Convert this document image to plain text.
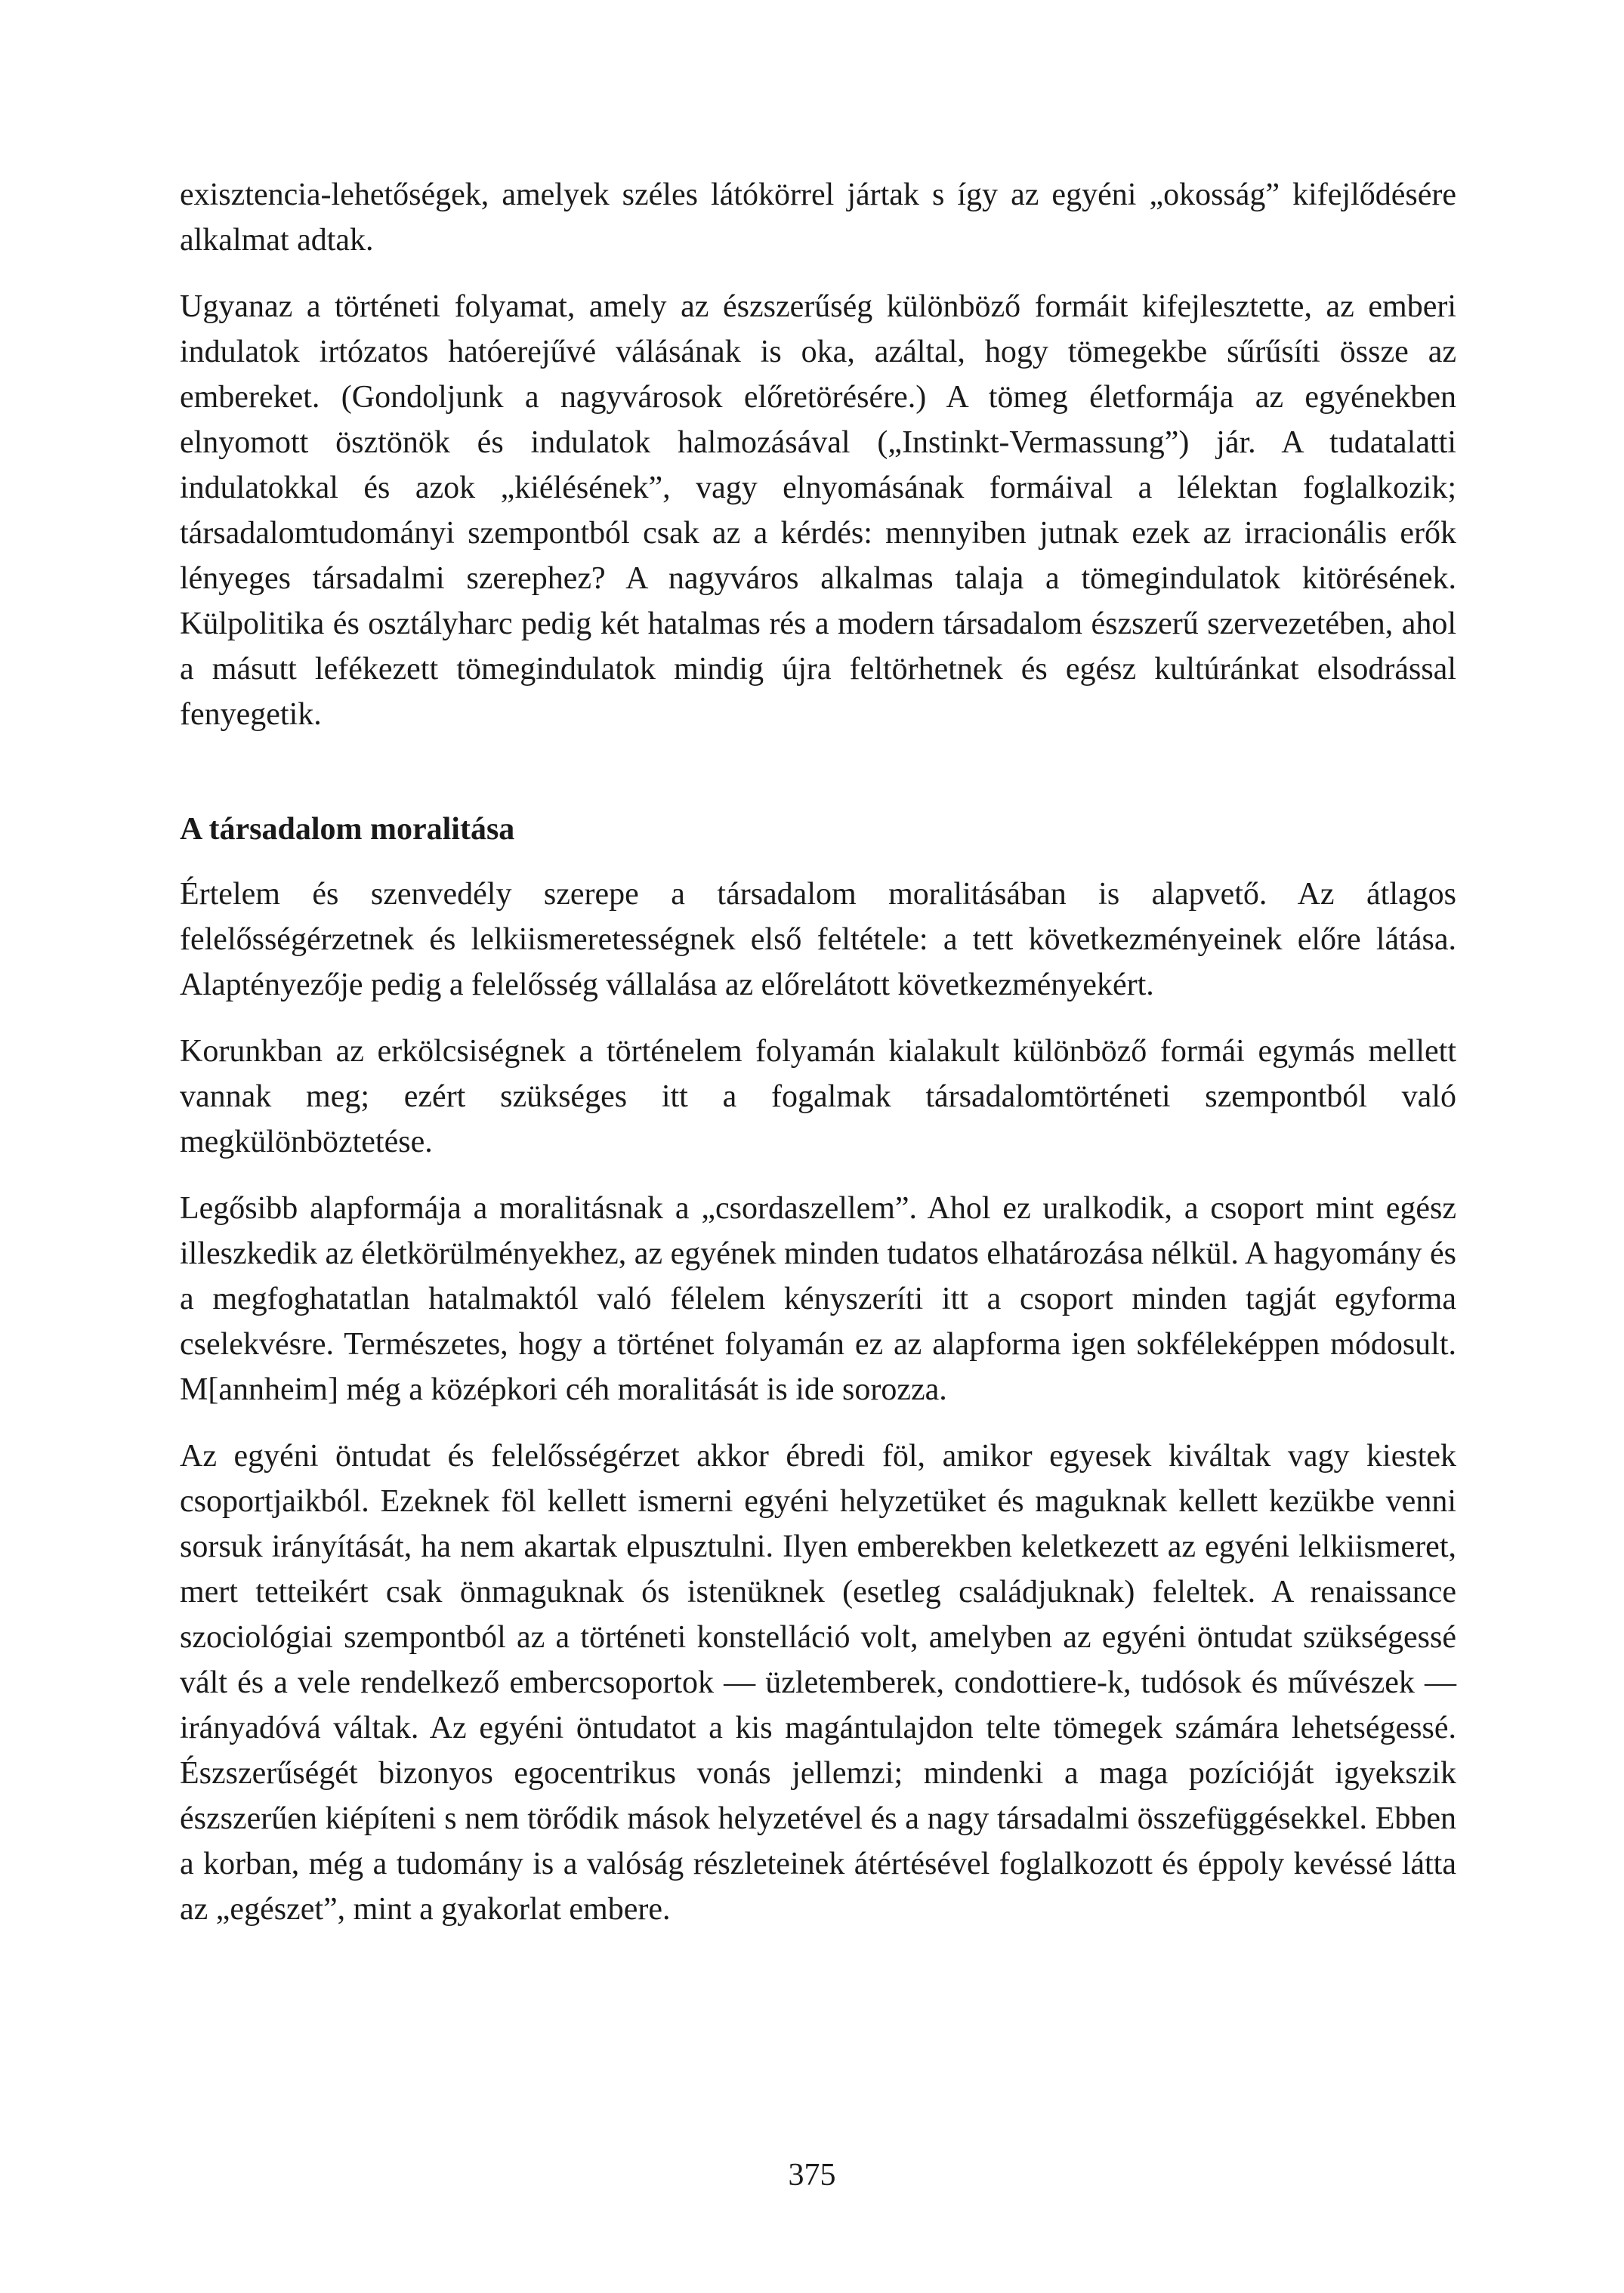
exisztencia-lehetőségek, amelyek széles látókörrel jártak s így az egyéni „okosság” kifejlődésére alkalmat adtak.

Ugyanaz a történeti folyamat, amely az észszerűség különböző formáit kifejlesztette, az emberi indulatok irtózatos hatóerejűvé válásának is oka, azáltal, hogy tömegekbe sűrűsíti össze az embereket. (Gondoljunk a nagyvárosok előretörésére.) A tömeg életformája az egyénekben elnyomott ösztönök és indulatok halmozásával („Instinkt-Vermassung”) jár. A tudatalatti indulatokkal és azok „kiélésének”, vagy elnyomásának formáival a lélektan foglalkozik; társadalomtudományi szempontból csak az a kérdés: mennyiben jutnak ezek az irracionális erők lényeges társadalmi szerephez? A nagyváros alkalmas talaja a tömegindulatok kitörésének. Külpolitika és osztályharc pedig két hatalmas rés a modern társadalom észszerű szervezetében, ahol a másutt lefékezett tömegindulatok mindig újra feltörhetnek és egész kultúránkat elsodrással fenyegetik.

A társadalom moralitása

Értelem és szenvedély szerepe a társadalom moralitásában is alapvető. Az átlagos felelősségérzetnek és lelkiismeretességnek első feltétele: a tett következményeinek előre látása. Alaptényezője pedig a felelősség vállalása az előrelátott következményekért.

Korunkban az erkölcsiségnek a történelem folyamán kialakult különböző formái egymás mellett vannak meg; ezért szükséges itt a fogalmak társadalomtörténeti szempontból való megkülönböztetése.

Legősibb alapformája a moralitásnak a „csordaszellem”. Ahol ez uralkodik, a csoport mint egész illeszkedik az életkörülményekhez, az egyének minden tudatos elhatározása nélkül. A hagyomány és a megfoghatatlan hatalmaktól való félelem kényszeríti itt a csoport minden tagját egyforma cselekvésre. Természetes, hogy a történet folyamán ez az alapforma igen sokféleképpen módosult. M[annheim] még a középkori céh moralitását is ide sorozza.

Az egyéni öntudat és felelősségérzet akkor ébredi föl, amikor egyesek kiváltak vagy kiestek csoportjaikból. Ezeknek föl kellett ismerni egyéni helyzetüket és maguknak kellett kezükbe venni sorsuk irányítását, ha nem akartak elpusztulni. Ilyen emberekben keletkezett az egyéni lelkiismeret, mert tetteikért csak önmaguknak ós istenüknek (esetleg családjuknak) feleltek. A renaissance szociológiai szempontból az a történeti konstelláció volt, amelyben az egyéni öntudat szükségessé vált és a vele rendelkező embercsoportok — üzletemberek, condottiere-k, tudósok és művészek — irányadóvá váltak. Az egyéni öntudatot a kis magántulajdon telte tömegek számára lehetségessé. Észszerűségét bizonyos egocentrikus vonás jellemzi; mindenki a maga pozícióját igyekszik észszerűen kiépíteni s nem törődik mások helyzetével és a nagy társadalmi összefüggésekkel. Ebben a korban, még a tudomány is a valóság részleteinek átértésével foglalkozott és éppoly kevéssé látta az „egészet”, mint a gyakorlat embere.

375
